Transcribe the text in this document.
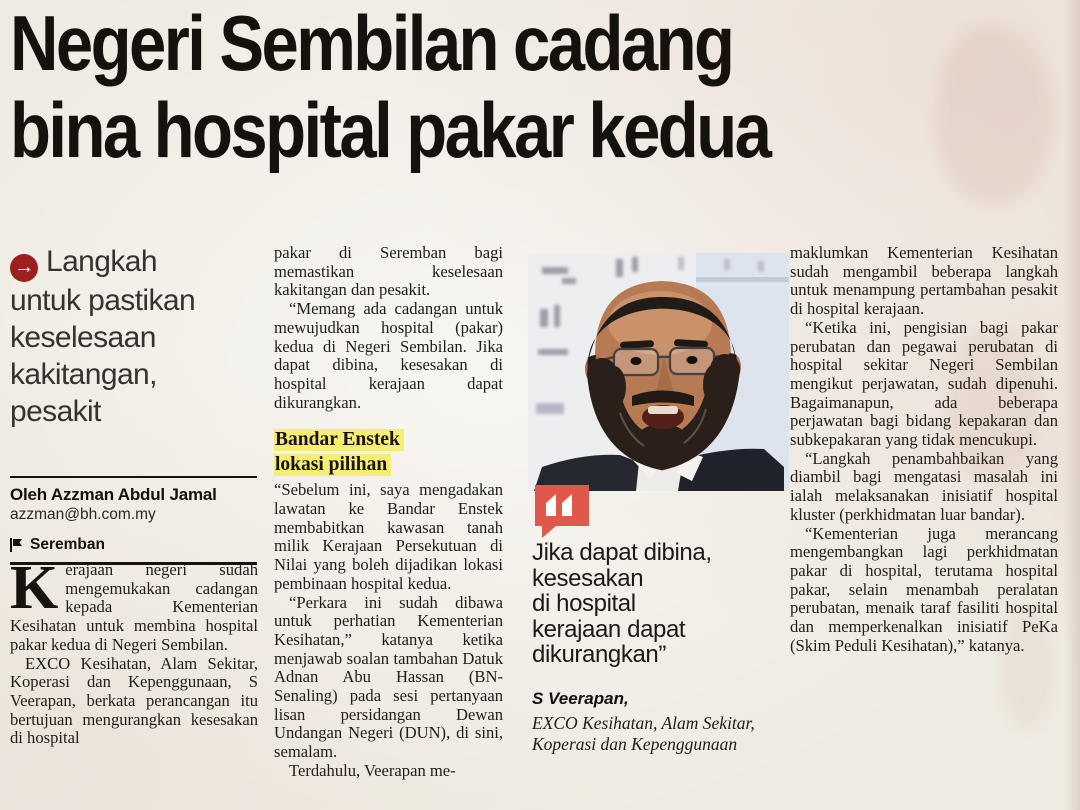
Negeri Sembilan cadang
bina hospital pakar kedua
→ Langkah
untuk pastikan
keselesaan
kakitangan,
pesakit
Oleh Azzman Abdul Jamal
azzman@bh.com.my
Seremban

Kerajaan negeri sudah mengemukakan cadangan kepada Kementerian Kesihatan untuk membina hospital pakar kedua di Negeri Sembilan.

EXCO Kesihatan, Alam Sekitar, Koperasi dan Kepenggunaan, S Veerapan, berkata perancangan itu bertujuan mengurangkan kesesakan di hospital

pakar di Seremban bagi memastikan keselesaan kakitangan dan pesakit.

“Memang ada cadangan untuk mewujudkan hospital (pakar) kedua di Negeri Sembilan. Jika dapat dibina, kesesakan di hospital kerajaan dapat dikurangkan.

Bandar Enstek
lokasi pilihan

“Sebelum ini, saya mengadakan lawatan ke Bandar Enstek membabitkan kawasan tanah milik Kerajaan Persekutuan di Nilai yang boleh dijadikan lokasi pembinaan hospital kedua.

“Perkara ini sudah dibawa untuk perhatian Kementerian Kesihatan,” katanya ketika menjawab soalan tambahan Datuk Adnan Abu Hassan (BN-Senaling) pada sesi pertanyaan lisan persidangan Dewan Undangan Negeri (DUN), di sini, semalam.

Terdahulu, Veerapan me-

Jika dapat dibina,
kesesakan
di hospital
kerajaan dapat
dikurangkan”
S Veerapan,
EXCO Kesihatan, Alam Sekitar, Koperasi dan Kepenggunaan

maklumkan Kementerian Kesihatan sudah mengambil beberapa langkah untuk menampung pertambahan pesakit di hospital kerajaan.

“Ketika ini, pengisian bagi pakar perubatan dan pegawai perubatan di hospital sekitar Negeri Sembilan mengikut perjawatan, sudah dipenuhi. Bagaimanapun, ada beberapa perjawatan bagi bidang kepakaran dan subkepakaran yang tidak mencukupi.

“Langkah penambahbaikan yang diambil bagi mengatasi masalah ini ialah melaksanakan inisiatif hospital kluster (perkhidmatan luar bandar).

“Kementerian juga merancang mengembangkan lagi perkhidmatan pakar di hospital, terutama hospital pakar, selain menambah peralatan perubatan, menaik taraf fasiliti hospital dan memperkenalkan inisiatif PeKa (Skim Peduli Kesihatan),” katanya.
